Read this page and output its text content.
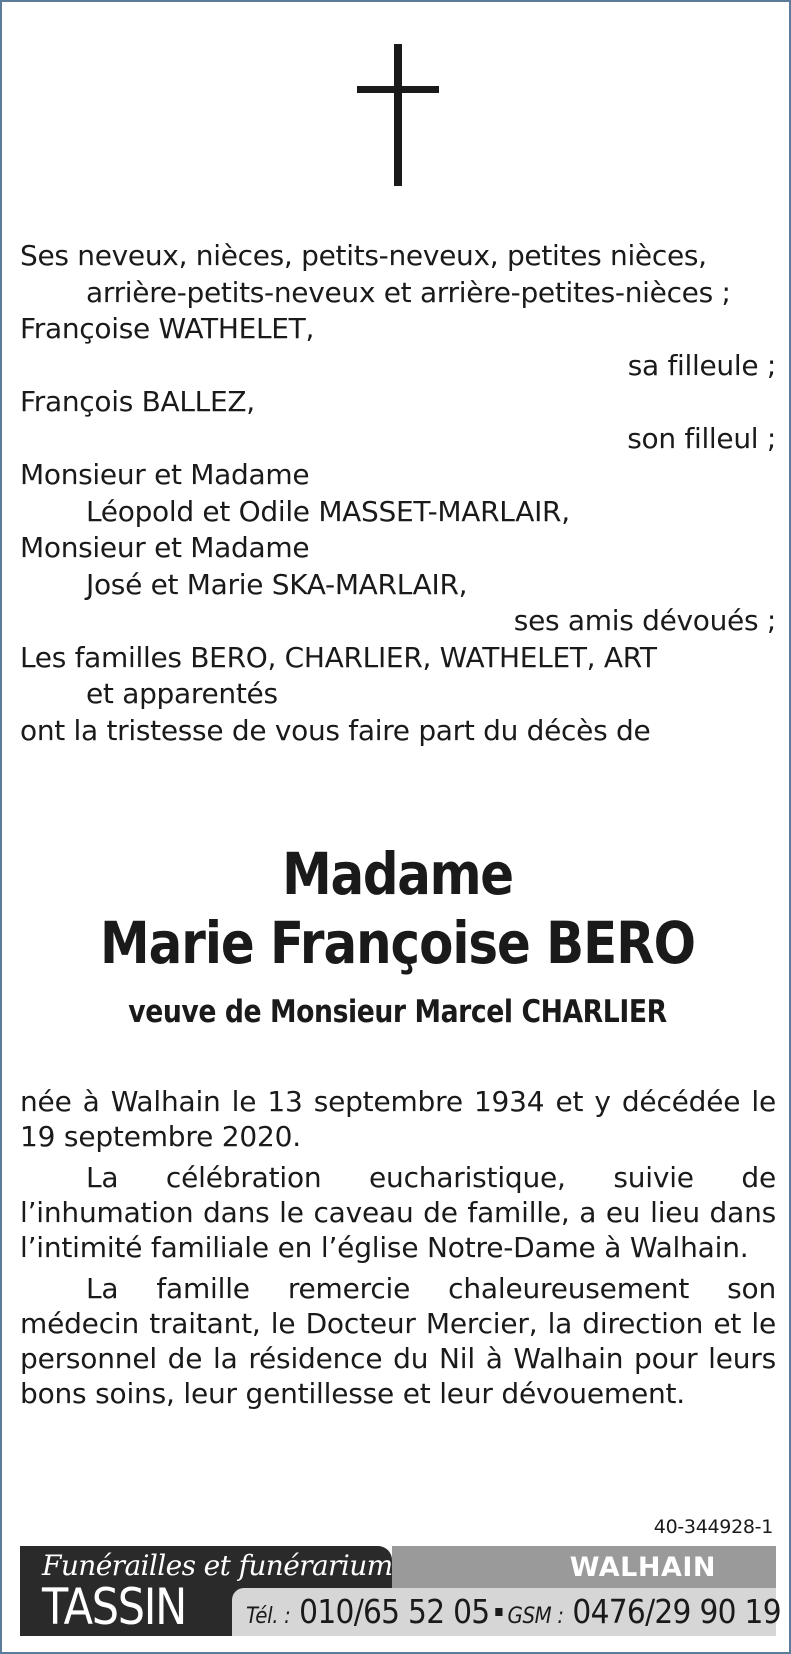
Ses neveux, nièces, petits-neveux, petites nièces,
arrière-petits-neveux et arrière-petites-nièces ;
Françoise WATHELET,
sa filleule ;
François BALLEZ,
son filleul ;
Monsieur et Madame
Léopold et Odile MASSET-MARLAIR,
Monsieur et Madame
José et Marie SKA-MARLAIR,
ses amis dévoués ;
Les familles BERO, CHARLIER, WATHELET, ART
et apparentés
ont la tristesse de vous faire part du décès de
Madame
Marie Françoise BERO
veuve de Monsieur Marcel CHARLIER

née à Walhain le 13 septembre 1934 et y décédée le 19 septembre 2020.

La célébration eucharistique, suivie de l’inhumation dans le caveau de famille, a eu lieu dans l’intimité familiale en l’église Notre-Dame à Walhain.

La famille remercie chaleureusement son médecin traitant, le Docteur Mercier, la direction et le personnel de la résidence du Nil à Walhain pour leurs bons soins, leur gentillesse et leur dévouement.

40-344928-1
Funérailles et funérarium
TASSIN
WALHAIN
Tél. : 010/65 52 05 GSM : 0476/29 90 19
